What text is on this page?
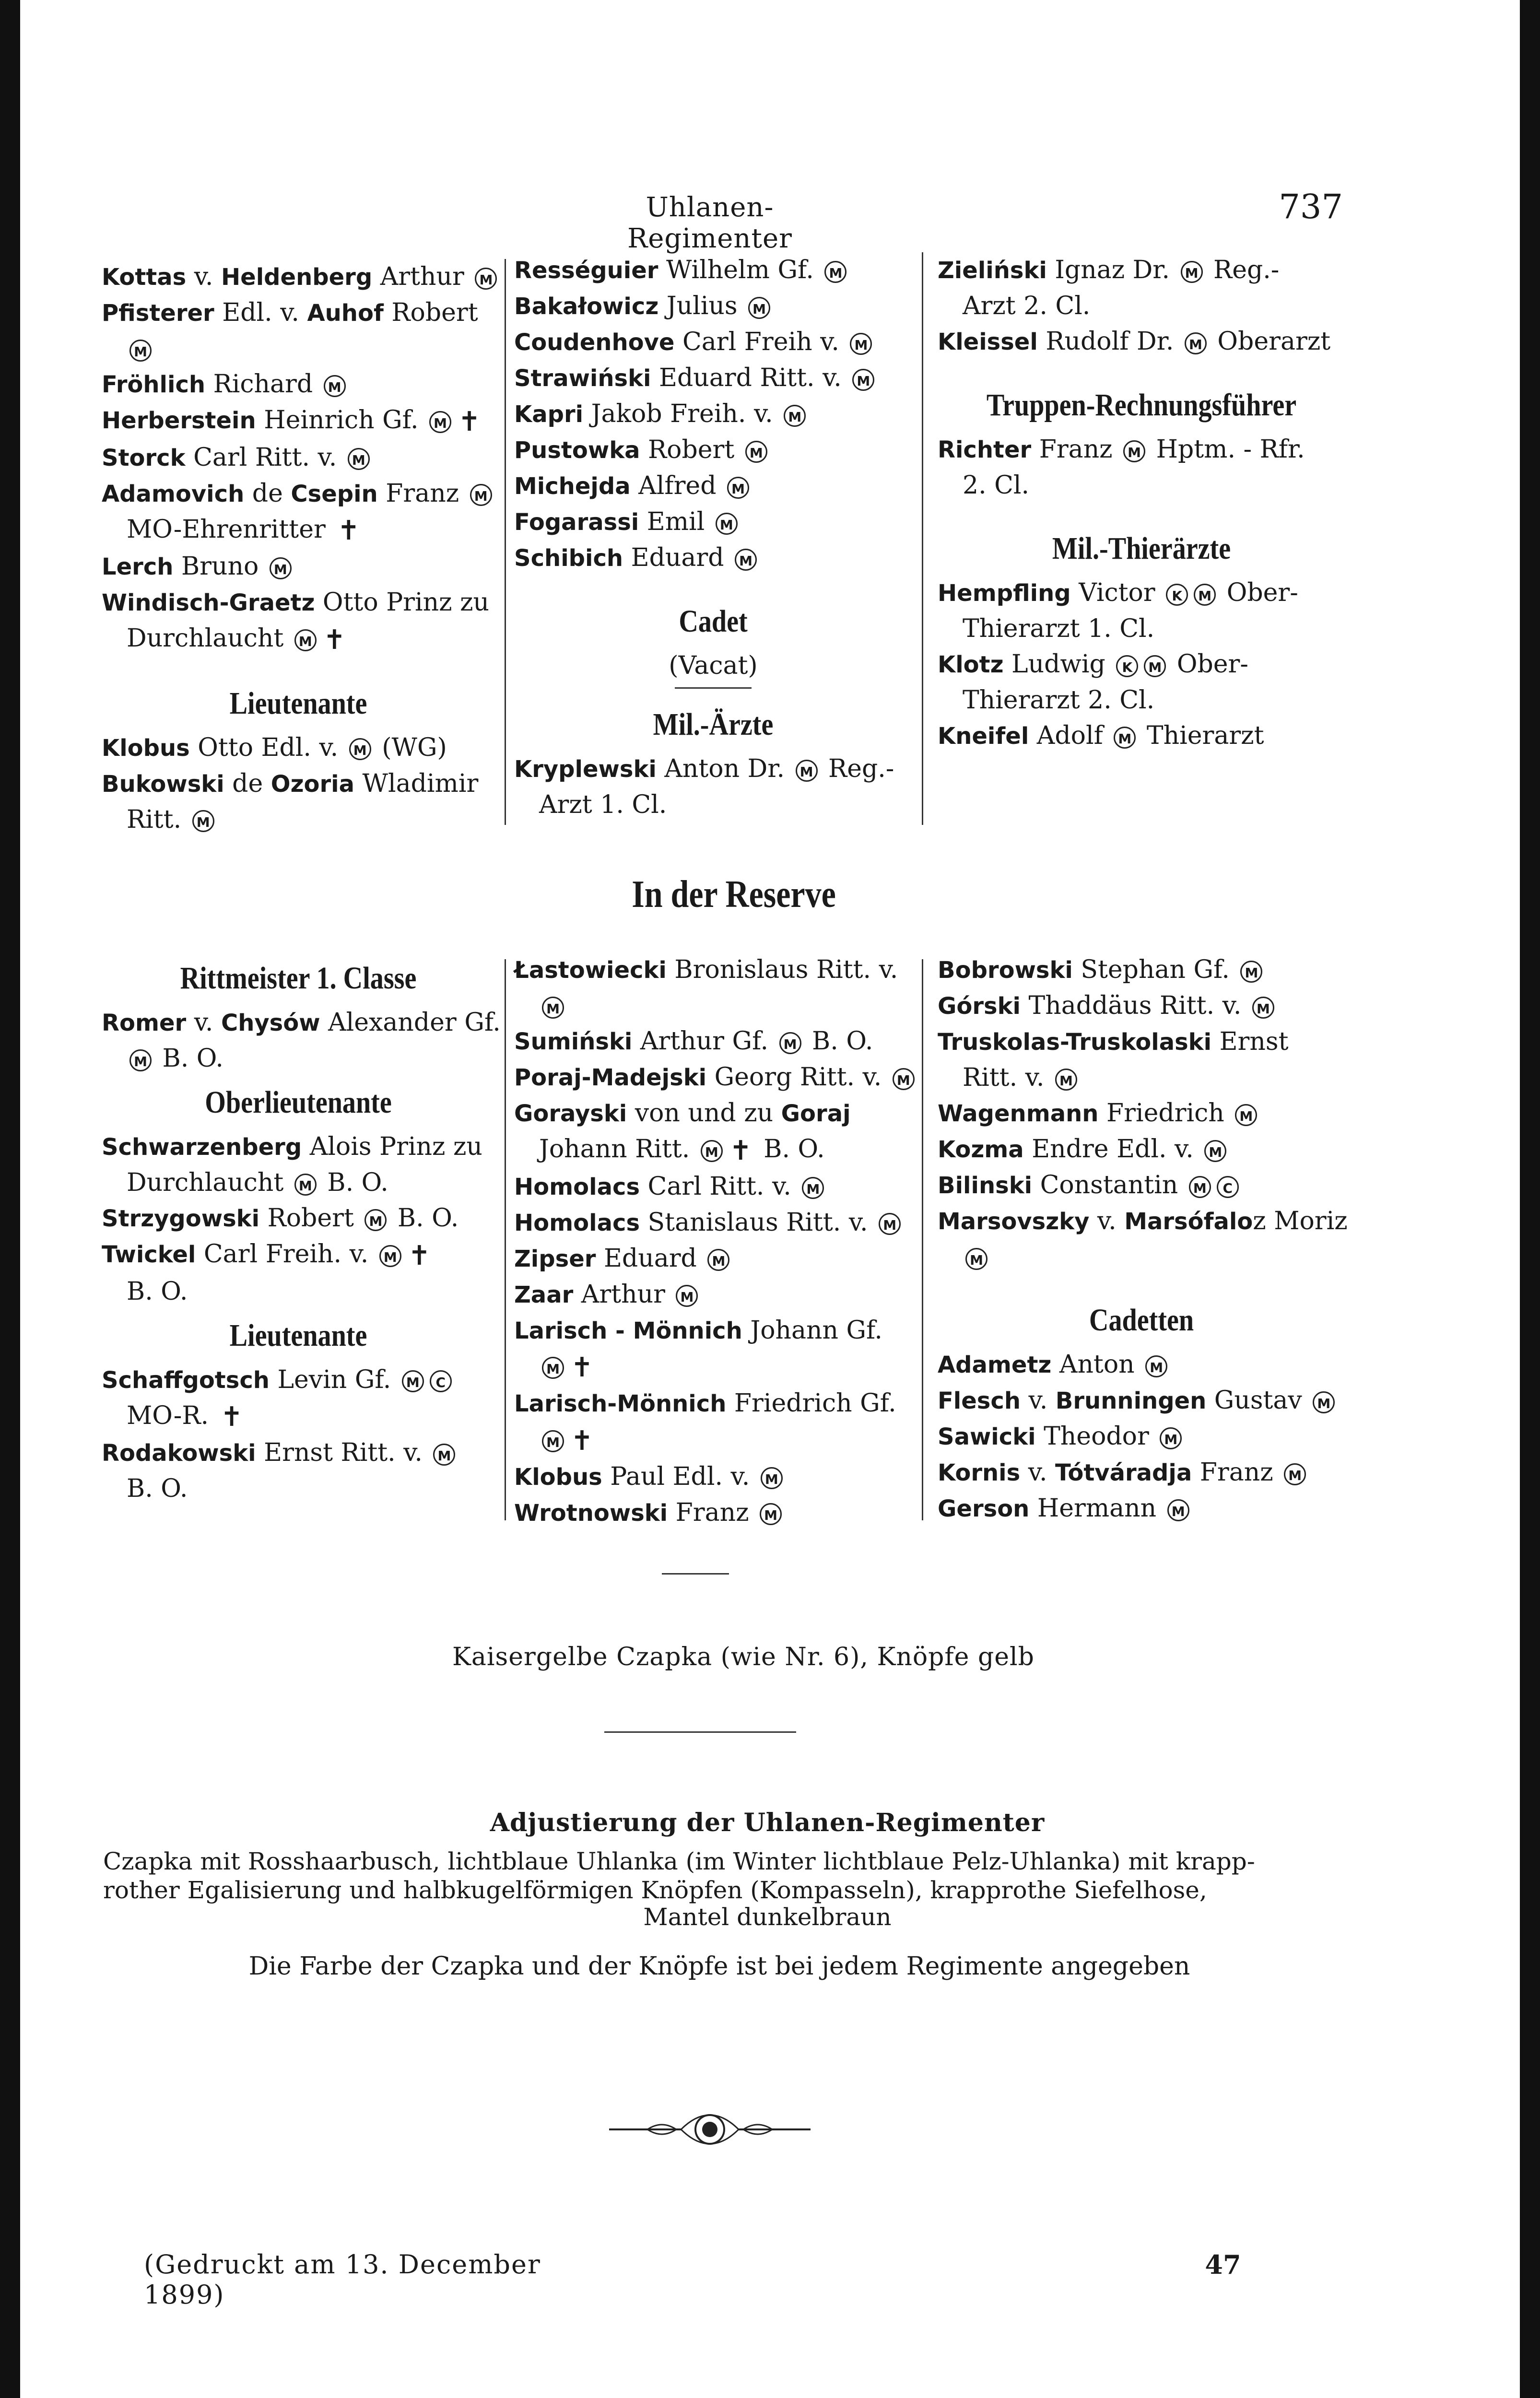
Uhlanen-Regimenter
737
Kottas v. Heldenberg Arthur M
Pfisterer Edl. v. Auhof Robert
M
Fröhlich Richard M
Herberstein Heinrich Gf. M ✝
Storck Carl Ritt. v. M
Adamovich de Csepin Franz M
MO-Ehrenritter ✝
Lerch Bruno M
Windisch-Graetz Otto Prinz zu
Durchlaucht M ✝
Lieutenante
Klobus Otto Edl. v. M (WG)
Bukowski de Ozoria Wladimir
Ritt. M
Rességuier Wilhelm Gf. M
Bakałowicz Julius M
Coudenhove Carl Freih v. M
Strawiński Eduard Ritt. v. M
Kapri Jakob Freih. v. M
Pustowka Robert M
Michejda Alfred M
Fogarassi Emil M
Schibich Eduard M
Cadet
(Vacat)
Mil.-Ärzte
Kryplewski Anton Dr. M Reg.-
Arzt 1. Cl.
Zieliński Ignaz Dr. M Reg.-
Arzt 2. Cl.
Kleissel Rudolf Dr. M Oberarzt
Truppen-Rechnungsführer
Richter Franz M Hptm. - Rfr.
2. Cl.
Mil.-Thierärzte
Hempfling Victor K M Ober-
Thierarzt 1. Cl.
Klotz Ludwig K M Ober-
Thierarzt 2. Cl.
Kneifel Adolf M Thierarzt
In der Reserve
Rittmeister 1. Classe
Romer v. Chysów Alexander Gf.
M B. O.
Oberlieutenante
Schwarzenberg Alois Prinz zu
Durchlaucht M B. O.
Strzygowski Robert M B. O.
Twickel Carl Freih. v. M ✝
B. O.
Lieutenante
Schaffgotsch Levin Gf. M C
MO-R. ✝
Rodakowski Ernst Ritt. v. M
B. O.
Łastowiecki Bronislaus Ritt. v.
M
Sumiński Arthur Gf. M B. O.
Poraj-Madejski Georg Ritt. v. M
Gorayski von und zu Goraj
Johann Ritt. M ✝ B. O.
Homolacs Carl Ritt. v. M
Homolacs Stanislaus Ritt. v. M
Zipser Eduard M
Zaar Arthur M
Larisch - Mönnich Johann Gf.
M ✝
Larisch-Mönnich Friedrich Gf.
M ✝
Klobus Paul Edl. v. M
Wrotnowski Franz M
Bobrowski Stephan Gf. M
Górski Thaddäus Ritt. v. M
Truskolas-Truskolaski Ernst
Ritt. v. M
Wagenmann Friedrich M
Kozma Endre Edl. v. M
Bilinski Constantin M C
Marsovszky v. Marsófaloz Moriz
M
Cadetten
Adametz Anton M
Flesch v. Brunningen Gustav M
Sawicki Theodor M
Kornis v. Tótváradja Franz M
Gerson Hermann M
Kaisergelbe Czapka (wie Nr. 6), Knöpfe gelb
Adjustierung der Uhlanen-Regimenter
Czapka mit Rosshaarbusch, lichtblaue Uhlanka (im Winter lichtblaue Pelz-Uhlanka) mit krapp-
rother Egalisierung und halbkugelförmigen Knöpfen (Kompasseln), krapprothe Siefelhose,
Mantel dunkelbraun
Die Farbe der Czapka und der Knöpfe ist bei jedem Regimente angegeben
(Gedruckt am 13. December 1899)
47
